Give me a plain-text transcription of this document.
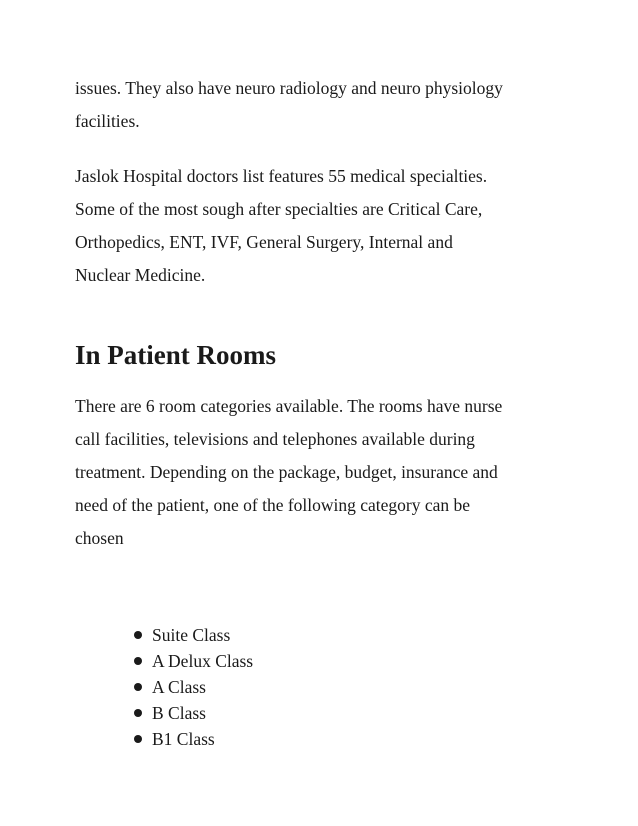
issues. They also have neuro radiology and neuro physiology
facilities.

Jaslok Hospital doctors list features 55 medical specialties.
Some of the most sough after specialties are Critical Care,
Orthopedics, ENT, IVF, General Surgery, Internal and
Nuclear Medicine.

In Patient Rooms

There are 6 room categories available. The rooms have nurse
call facilities, televisions and telephones available during
treatment. Depending on the package, budget, insurance and
need of the patient, one of the following category can be
chosen

Suite Class
A Delux Class
A Class
B Class
B1 Class
